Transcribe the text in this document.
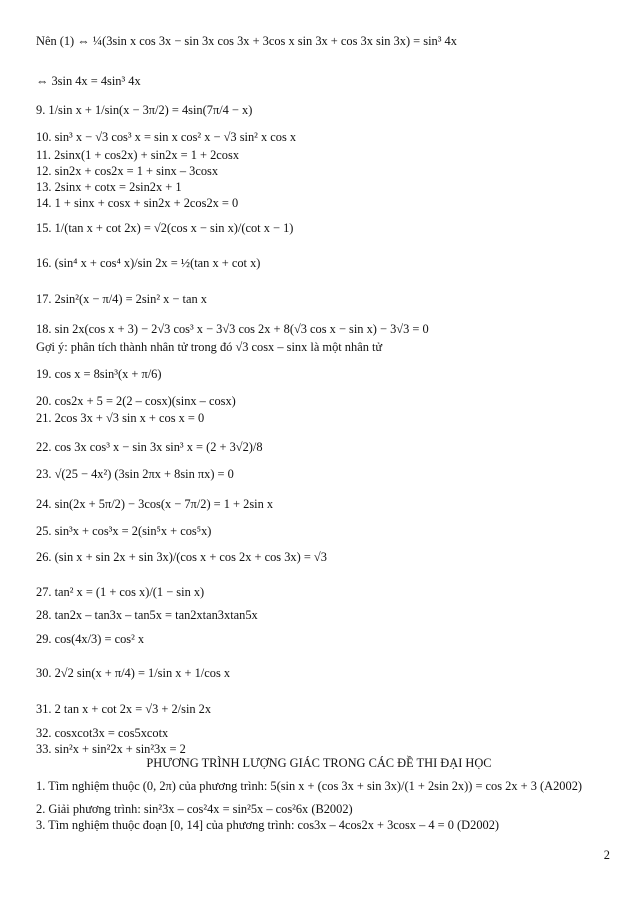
Nên (1) ⇔ ¼(3sin x cos 3x − sin 3x cos 3x + 3cos x sin 3x + cos 3x sin 3x) = sin³ 4x
⇔ 3sin 4x = 4sin³ 4x
9. 1/sin x + 1/sin(x − 3π/2) = 4sin(7π/4 − x)
10. sin³ x − √3 cos³ x = sin x cos² x − √3 sin² x cos x
11. 2sinx(1 + cos2x) + sin2x = 1 + 2cosx
12. sin2x + cos2x = 1 + sinx – 3cosx
13. 2sinx + cotx = 2sin2x + 1
14. 1 + sinx + cosx + sin2x + 2cos2x = 0
15. 1/(tan x + cot 2x) = √2(cos x − sin x)/(cot x − 1)
16. (sin⁴ x + cos⁴ x)/sin 2x = ½(tan x + cot x)
17. 2sin²(x − π/4) = 2sin² x − tan x
18. sin 2x(cos x + 3) − 2√3 cos³ x − 3√3 cos 2x + 8(√3 cos x − sin x) − 3√3 = 0
Gợi ý: phân tích thành nhân tử trong đó √3 cosx – sinx là một nhân tử
19. cos x = 8sin³(x + π/6)
20. cos2x + 5 = 2(2 – cosx)(sinx – cosx)
21. 2cos 3x + √3 sin x + cos x = 0
22. cos 3x cos³ x − sin 3x sin³ x = (2 + 3√2)/8
23. √(25 − 4x²) (3sin 2πx + 8sin πx) = 0
24. sin(2x + 5π/2) − 3cos(x − 7π/2) = 1 + 2sin x
25. sin³x + cos³x = 2(sin⁵x + cos⁵x)
26. (sin x + sin 2x + sin 3x)/(cos x + cos 2x + cos 3x) = √3
27. tan² x = (1 + cos x)/(1 − sin x)
28. tan2x – tan3x – tan5x = tan2xtan3xtan5x
29. cos(4x/3) = cos² x
30. 2√2 sin(x + π/4) = 1/sin x + 1/cos x
31. 2 tan x + cot 2x = √3 + 2/sin 2x
32. cosxcot3x = cos5xcotx
33. sin²x + sin²2x + sin²3x = 2
PHƯƠNG TRÌNH LƯỢNG GIÁC TRONG CÁC ĐỀ THI ĐẠI HỌC
1. Tìm nghiệm thuộc (0, 2π) của phương trình: 5(sin x + (cos 3x + sin 3x)/(1 + 2sin 2x)) = cos 2x + 3 (A2002)
2. Giải phương trình: sin²3x – cos²4x = sin²5x – cos²6x (B2002)
3. Tìm nghiệm thuộc đoạn [0, 14] của phương trình: cos3x – 4cos2x + 3cosx – 4 = 0 (D2002)
2
